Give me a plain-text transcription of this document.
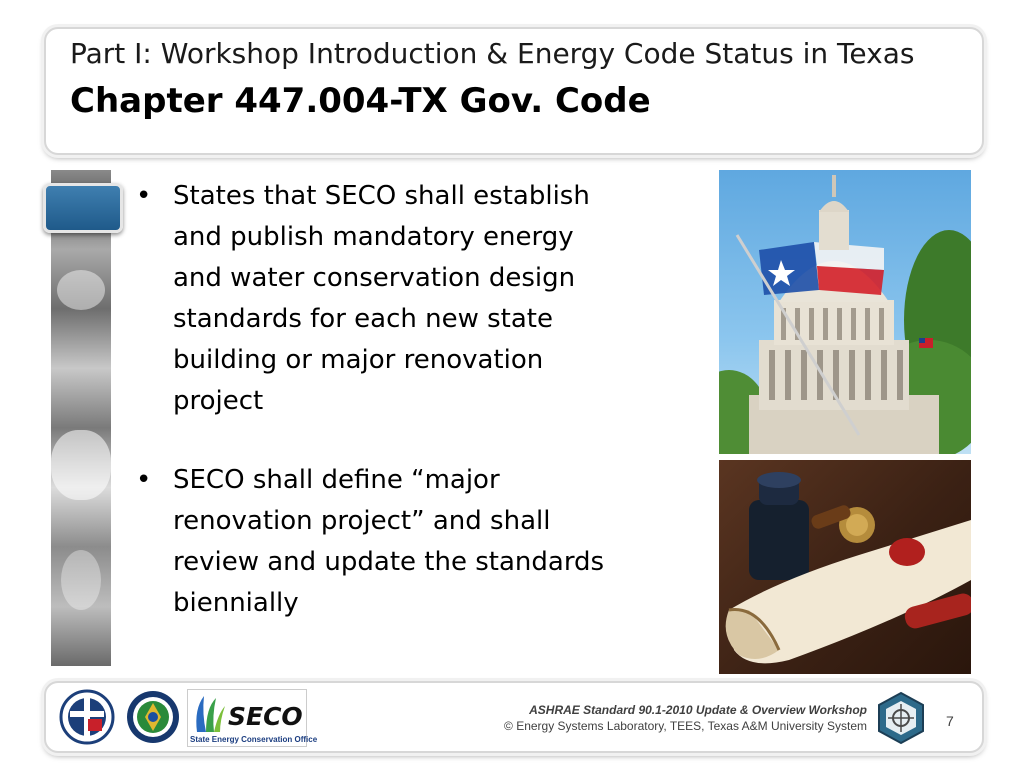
Part I: Workshop Introduction & Energy Code Status in Texas
Chapter 447.004-TX Gov. Code
• States that SECO shall establish and publish mandatory energy and water conservation design standards for each new state building or major renovation project
• SECO shall define “major renovation project” and shall review and update the standards biennially
SECO
State Energy Conservation Office
ASHRAE Standard 90.1-2010 Update & Overview Workshop
© Energy Systems Laboratory, TEES, Texas A&M University System	7
